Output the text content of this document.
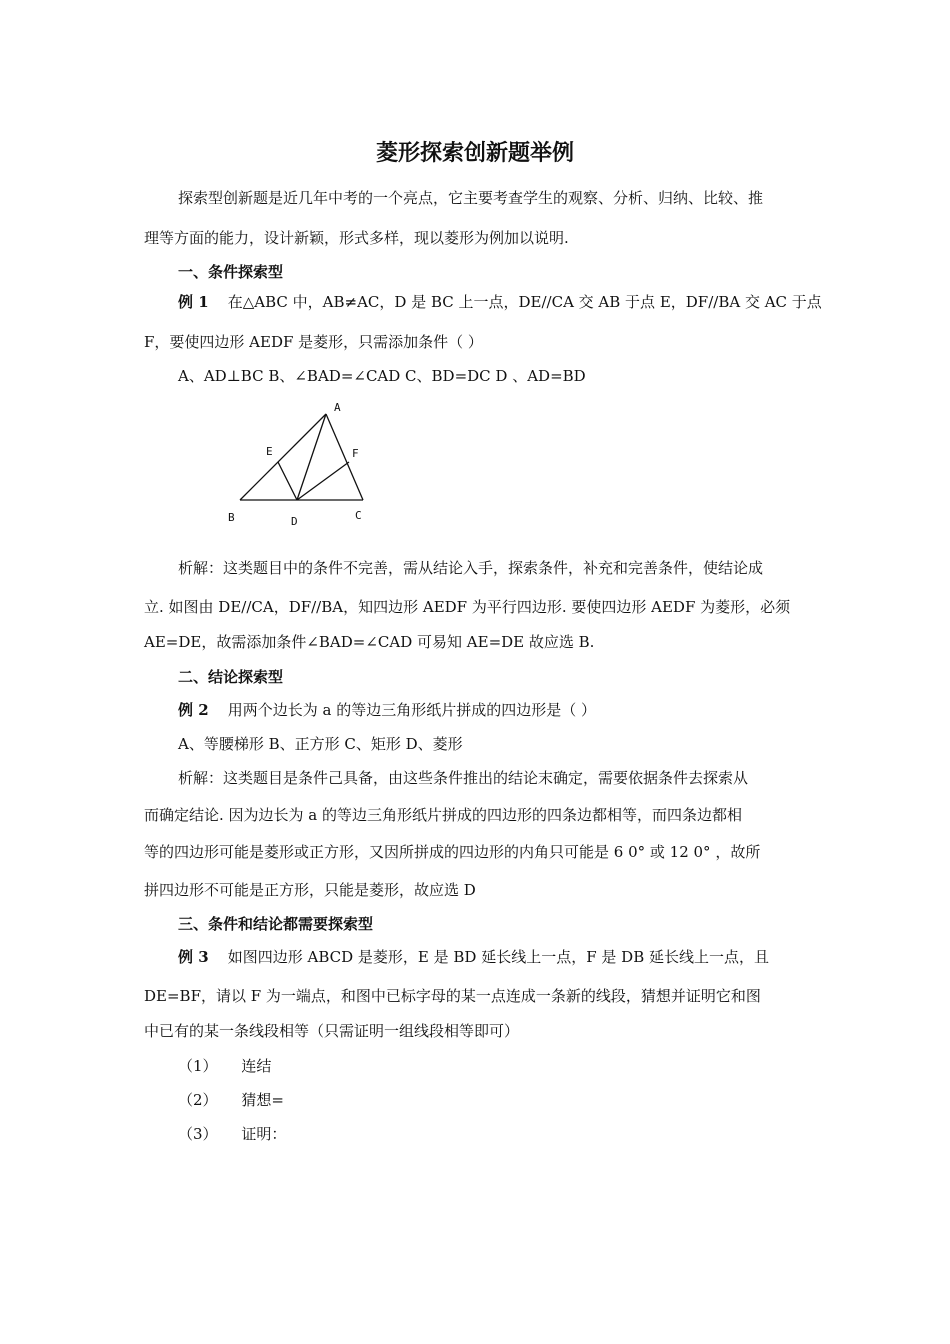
菱形探索创新题举例
探索型创新题是近几年中考的一个亮点，它主要考查学生的观察、分析、归纳、比较、推
理等方面的能力，设计新颖，形式多样，现以菱形为例加以说明.
一、条件探索型
例 1 在△ABC 中，AB≠AC，D 是 BC 上一点，DE//CA 交 AB 于点 E，DF//BA 交 AC 于点
F，要使四边形 AEDF 是菱形，只需添加条件（ ）
A、AD⊥BC B、∠BAD=∠CAD C、BD=DC D 、AD=BD
A
B	C
D
E	F
析解：这类题目中的条件不完善，需从结论入手，探索条件，补充和完善条件，使结论成
立. 如图由 DE//CA，DF//BA，知四边形 AEDF 为平行四边形. 要使四边形 AEDF 为菱形，必须
AE=DE，故需添加条件∠BAD=∠CAD 可易知 AE=DE 故应选 B.
二、结论探索型
例 2 用两个边长为 a 的等边三角形纸片拼成的四边形是（ ）
A、等腰梯形 B、正方形 C、矩形 D、菱形
析解：这类题目是条件己具备，由这些条件推出的结论末确定，需要依据条件去探索从
而确定结论. 因为边长为 a 的等边三角形纸片拼成的四边形的四条边都相等，而四条边都相
等的四边形可能是菱形或正方形，又因所拼成的四边形的内角只可能是 6 0° 或 12 0° ，故所
拼四边形不可能是正方形，只能是菱形，故应选 D
三、条件和结论都需要探索型
例 3 如图四边形 ABCD 是菱形，E 是 BD 延长线上一点，F 是 DB 延长线上一点，且
DE=BF，请以 F 为一端点，和图中已标字母的某一点连成一条新的线段，猜想并证明它和图
中已有的某一条线段相等（只需证明一组线段相等即可）
（1） 连结
（2） 猜想=
（3） 证明：
